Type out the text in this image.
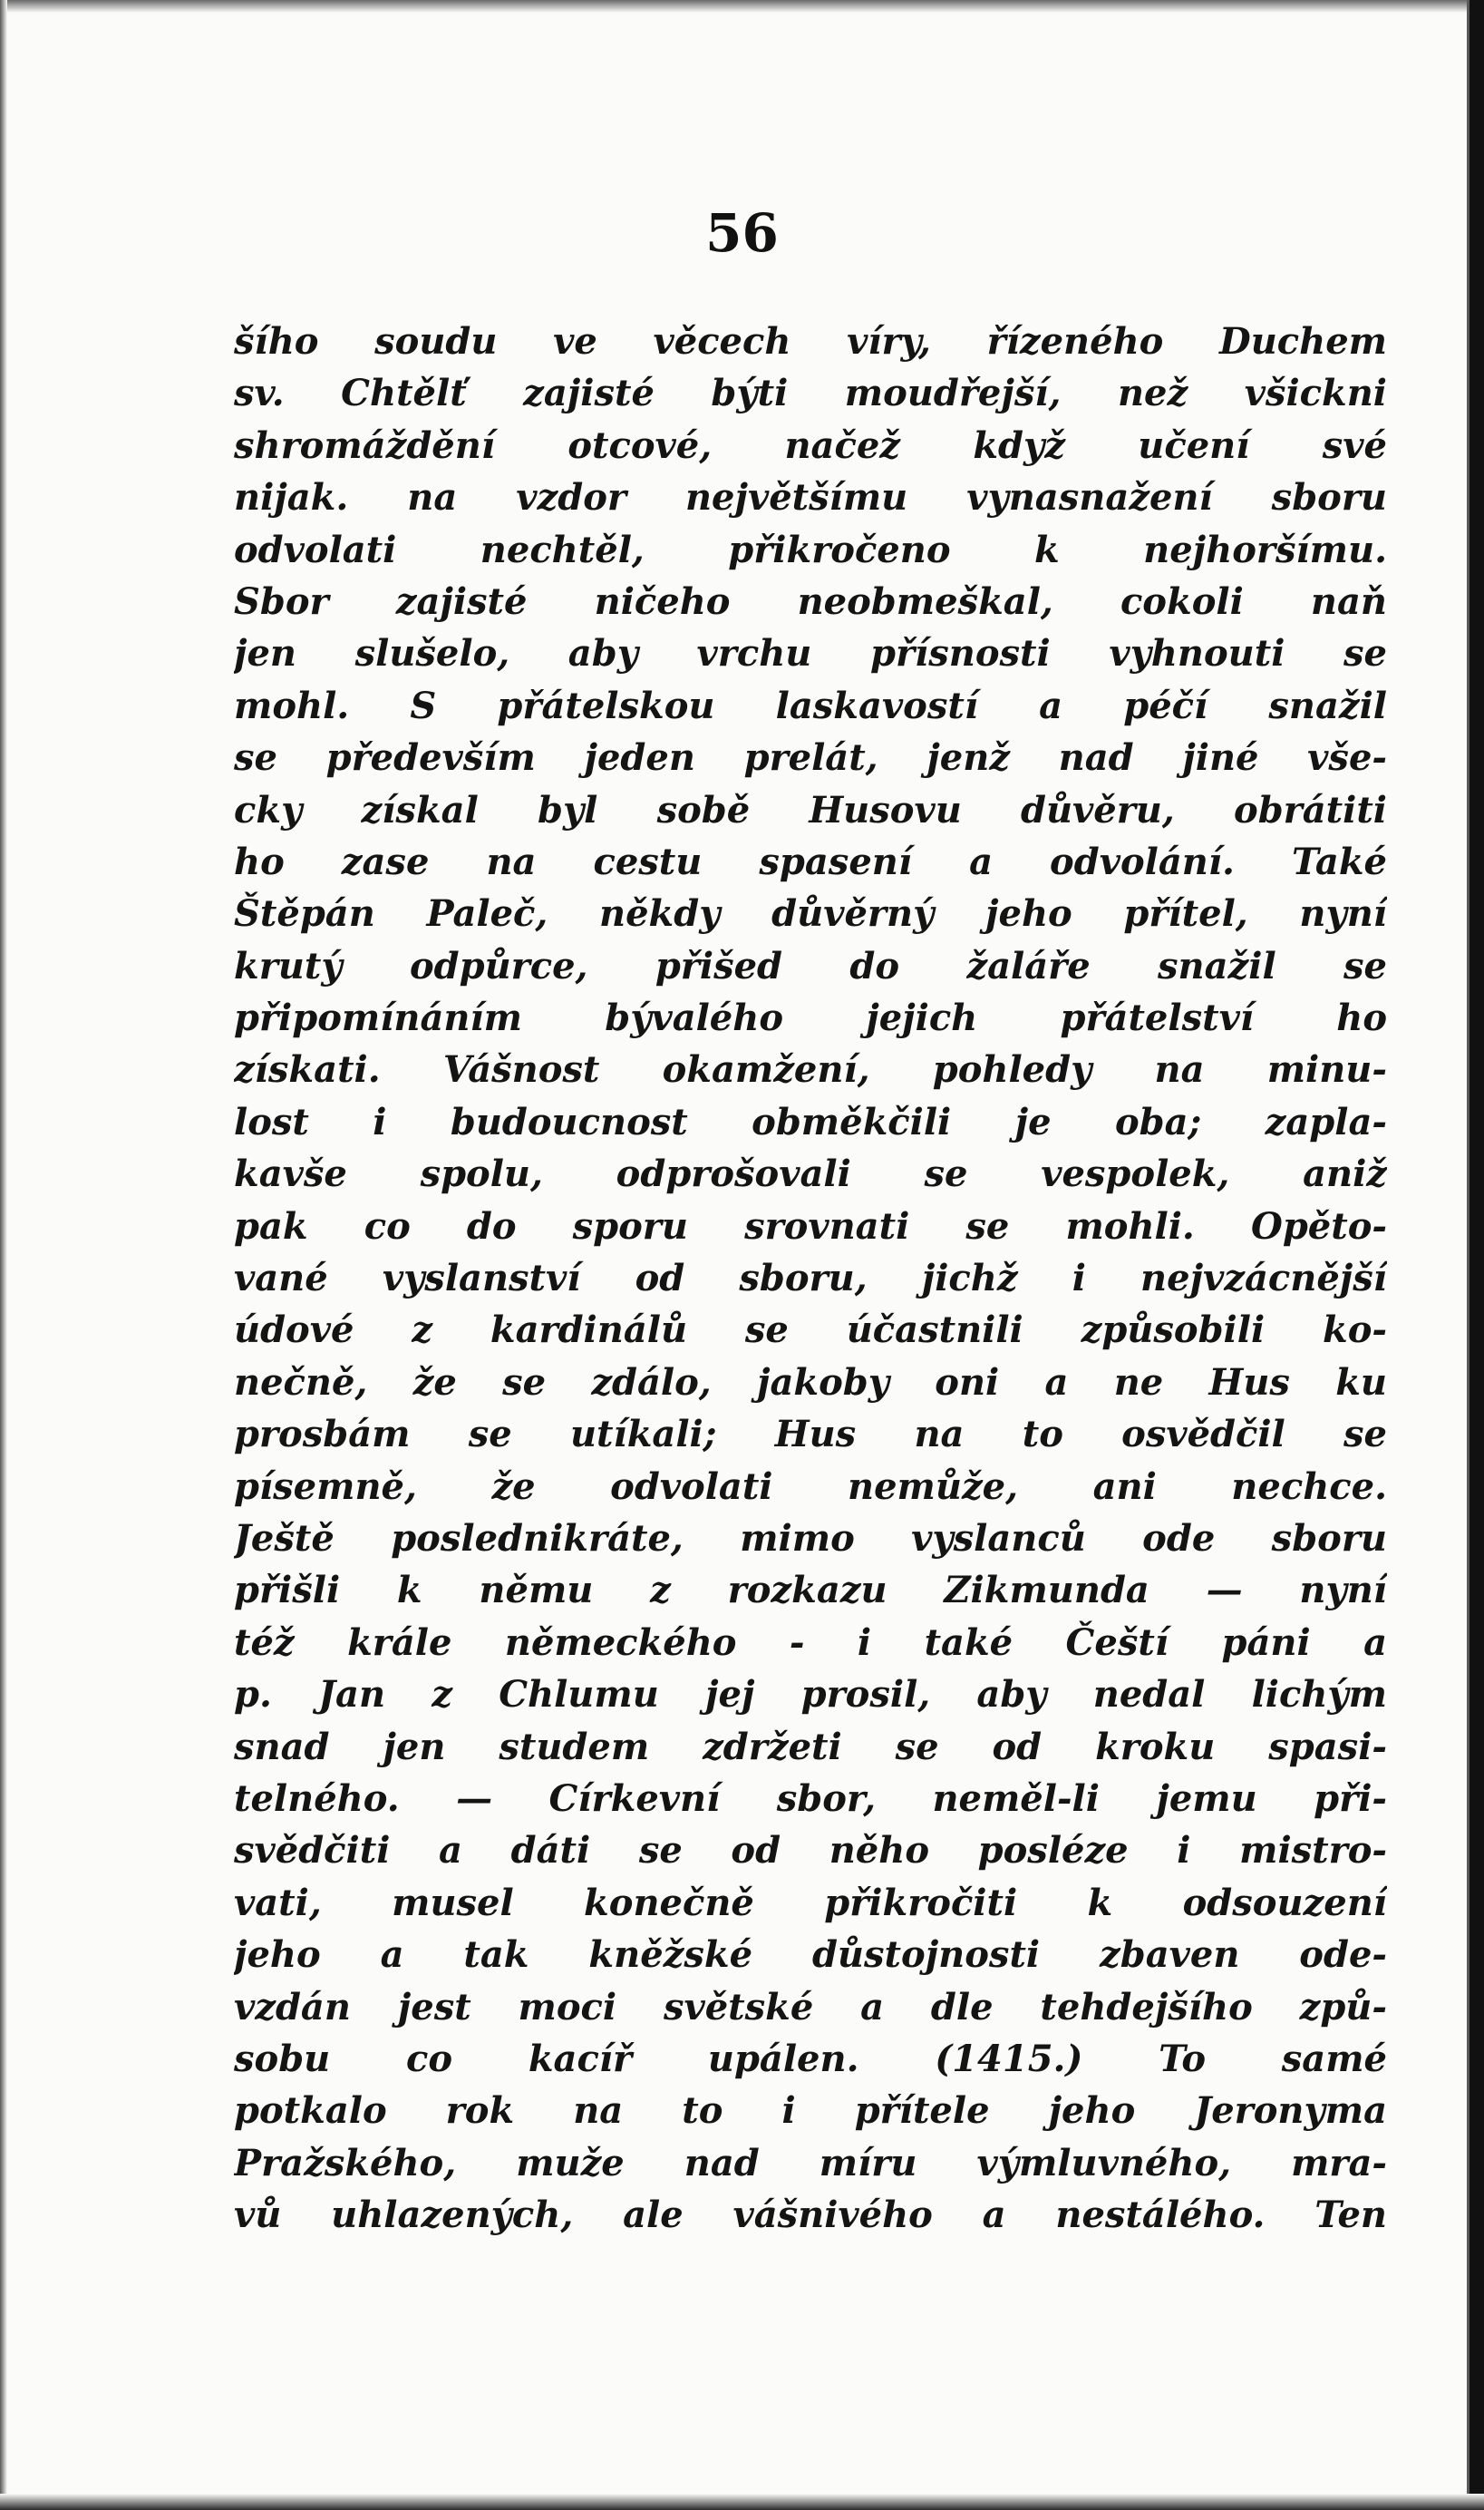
56
šího soudu ve věcech víry, řízeného Duchem
sv. Chtělť zajisté býti moudřejší, než všickni
shromáždění otcové, načež když učení své
nijak. na vzdor největšímu vynasnažení sboru
odvolati nechtěl, přikročeno k nejhoršímu.
Sbor zajisté ničeho neobmeškal, cokoli naň
jen slušelo, aby vrchu přísnosti vyhnouti se
mohl. S přátelskou laskavostí a péčí snažil
se především jeden prelát, jenž nad jiné vše-
cky získal byl sobě Husovu důvěru, obrátiti
ho zase na cestu spasení a odvolání. Také
Štěpán Paleč, někdy důvěrný jeho přítel, nyní
krutý odpůrce, přišed do žaláře snažil se
připomínáním bývalého jejich přátelství ho
získati. Vášnost okamžení, pohledy na minu-
lost i budoucnost obměkčili je oba; zapla-
kavše spolu, odprošovali se vespolek, aniž
pak co do sporu srovnati se mohli. Opěto-
vané vyslanství od sboru, jichž i nejvzácnější
údové z kardinálů se účastnili způsobili ko-
nečně, že se zdálo, jakoby oni a ne Hus ku
prosbám se utíkali; Hus na to osvědčil se
písemně, že odvolati nemůže, ani nechce.
Ještě poslednikráte, mimo vyslanců ode sboru
přišli k němu z rozkazu Zikmunda — nyní
též krále německého - i také Čeští páni a
p. Jan z Chlumu jej prosil, aby nedal lichým
snad jen studem zdržeti se od kroku spasi-
telného. — Církevní sbor, neměl-li jemu při-
svědčiti a dáti se od něho posléze i mistro-
vati, musel konečně přikročiti k odsouzení
jeho a tak kněžské důstojnosti zbaven ode-
vzdán jest moci světské a dle tehdejšího způ-
sobu co kacíř upálen. (1415.) To samé
potkalo rok na to i přítele jeho Jeronyma
Pražského, muže nad míru výmluvného, mra-
vů uhlazených, ale vášnivého a nestálého. Ten
